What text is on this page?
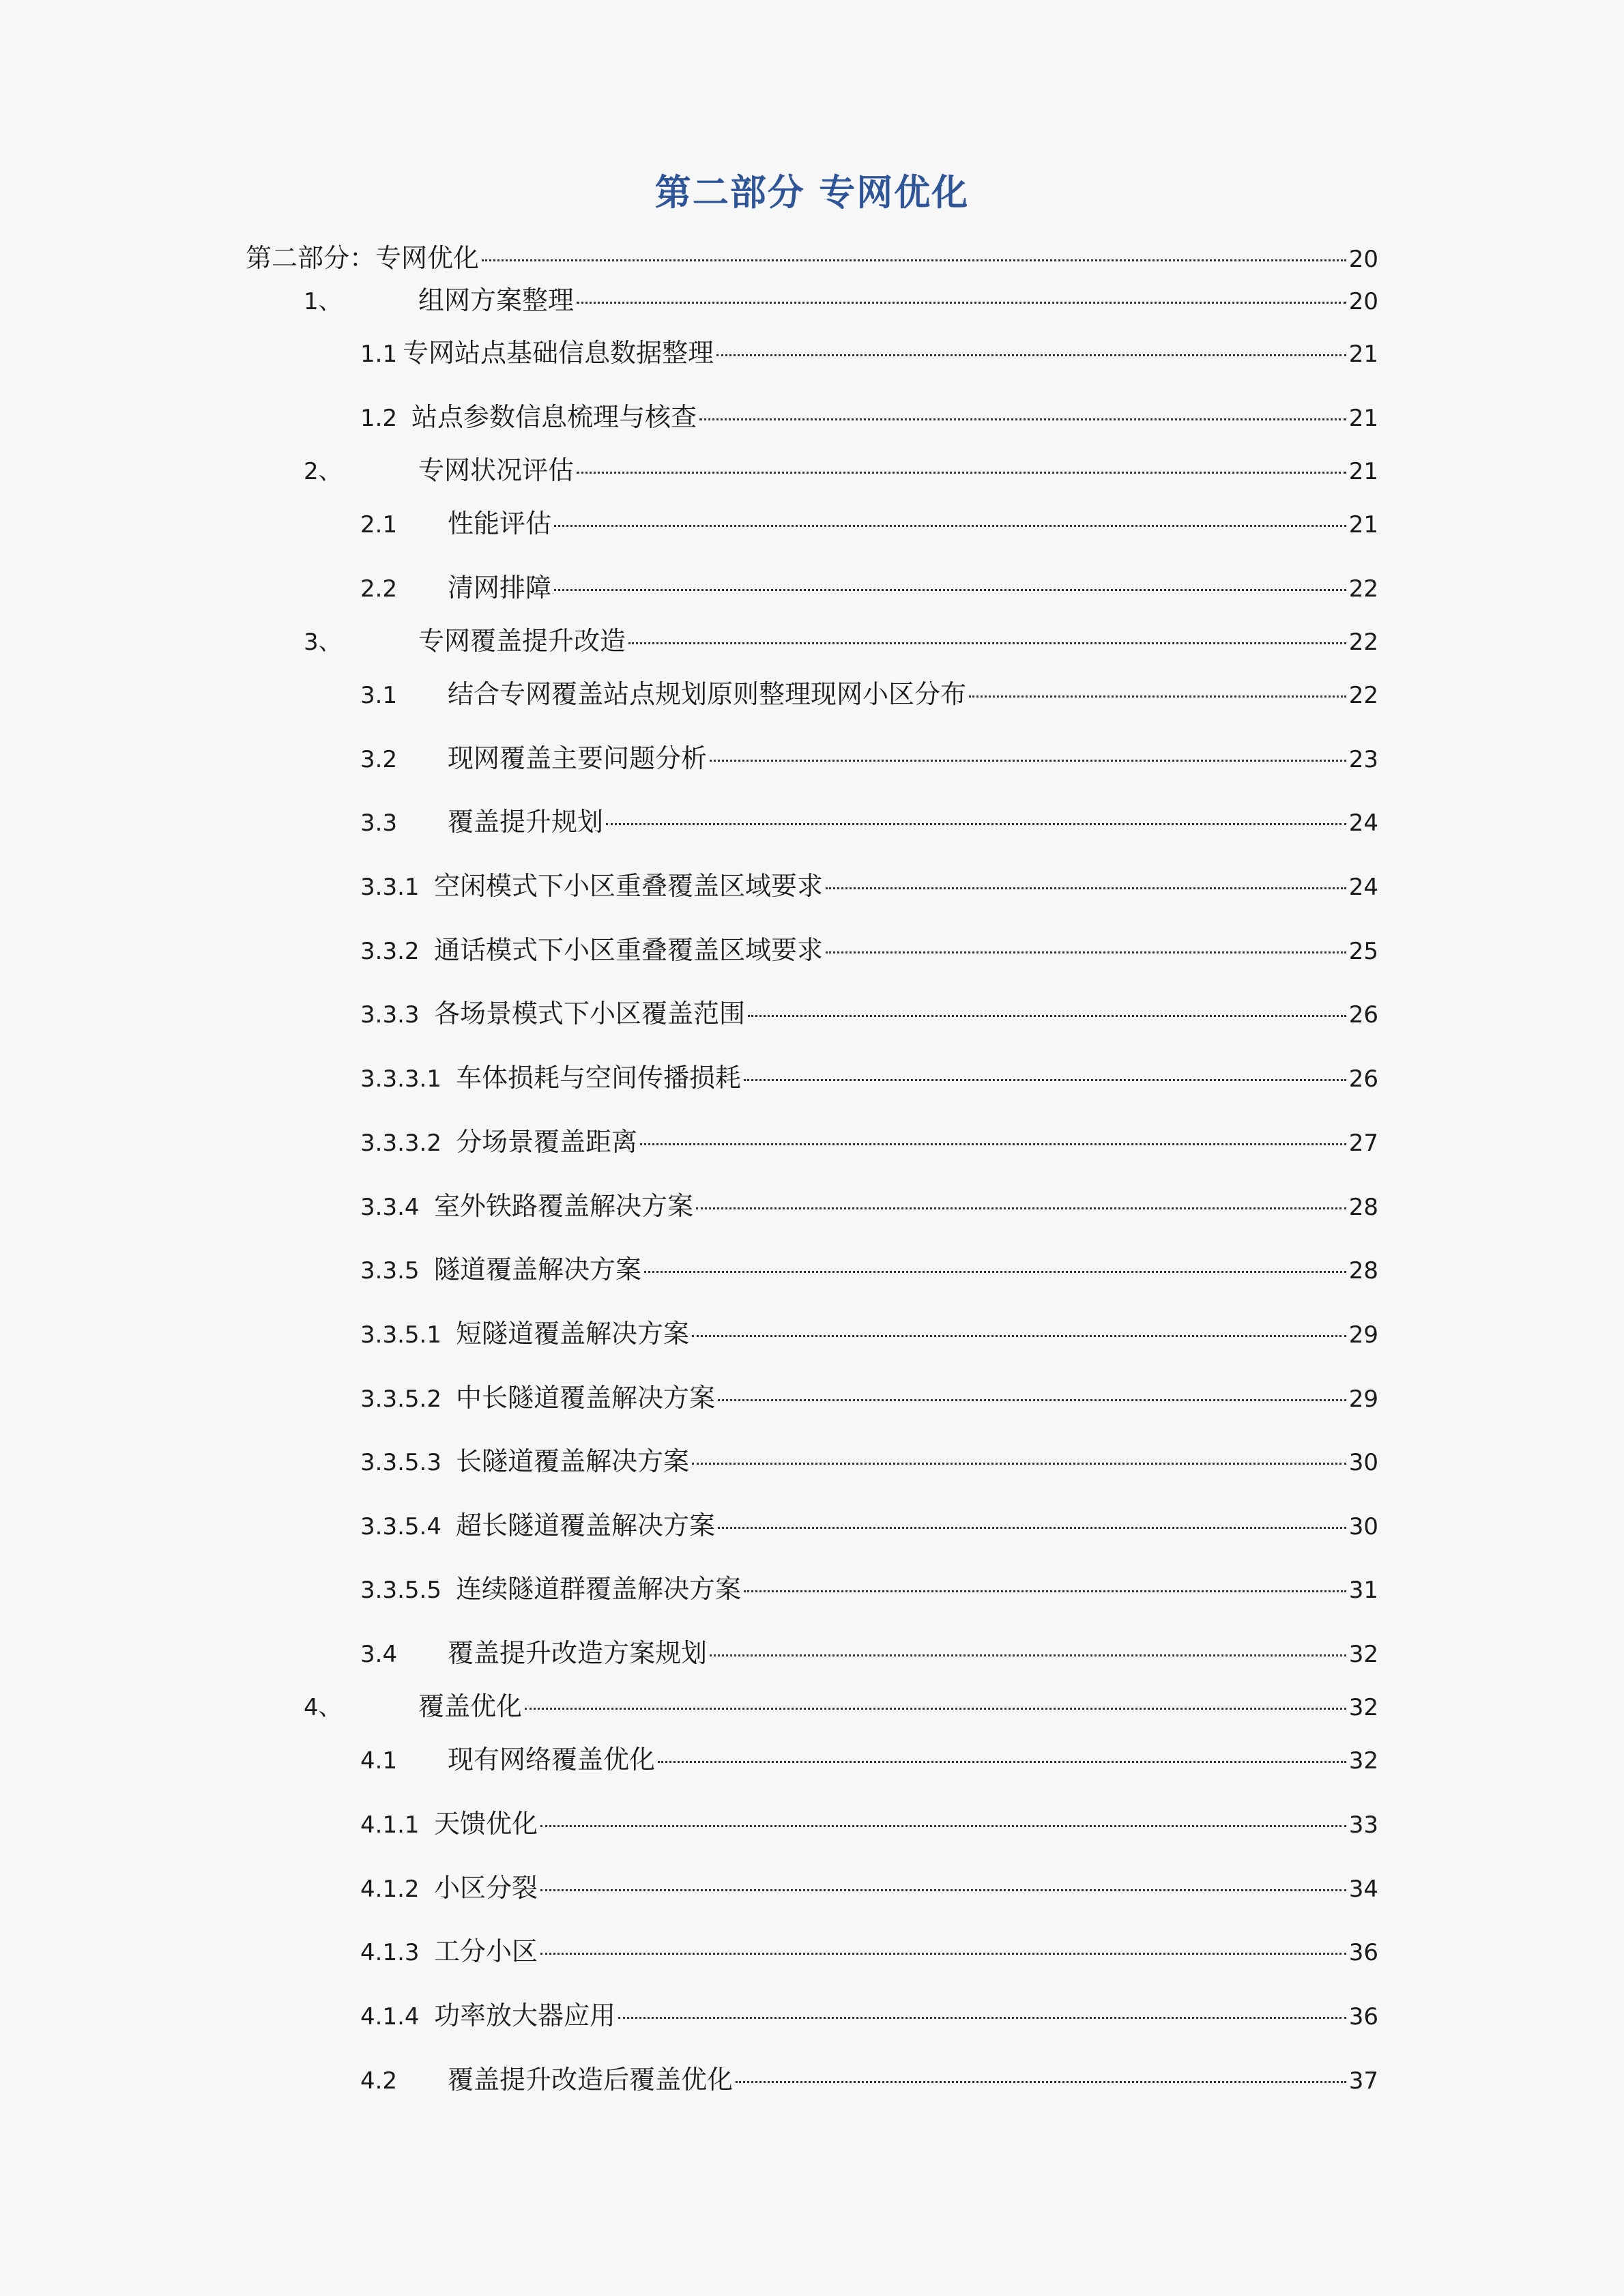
第二部分 专网优化
第二部分：专网优化	20
1、	组网方案整理	20
1.1 专网站点基础信息数据整理	21
1.2 站点参数信息梳理与核查	21
2、	专网状况评估	21
2.1	性能评估	21
2.2	清网排障	22
3、	专网覆盖提升改造	22
3.1	结合专网覆盖站点规划原则整理现网小区分布	22
3.2	现网覆盖主要问题分析	23
3.3	覆盖提升规划	24
3.3.1 空闲模式下小区重叠覆盖区域要求	24
3.3.2 通话模式下小区重叠覆盖区域要求	25
3.3.3 各场景模式下小区覆盖范围	26
3.3.3.1 车体损耗与空间传播损耗	26
3.3.3.2 分场景覆盖距离	27
3.3.4 室外铁路覆盖解决方案	28
3.3.5 隧道覆盖解决方案	28
3.3.5.1 短隧道覆盖解决方案	29
3.3.5.2 中长隧道覆盖解决方案	29
3.3.5.3 长隧道覆盖解决方案	30
3.3.5.4 超长隧道覆盖解决方案	30
3.3.5.5 连续隧道群覆盖解决方案	31
3.4	覆盖提升改造方案规划	32
4、	覆盖优化	32
4.1	现有网络覆盖优化	32
4.1.1 天馈优化	33
4.1.2 小区分裂	34
4.1.3 工分小区	36
4.1.4 功率放大器应用	36
4.2	覆盖提升改造后覆盖优化	37
